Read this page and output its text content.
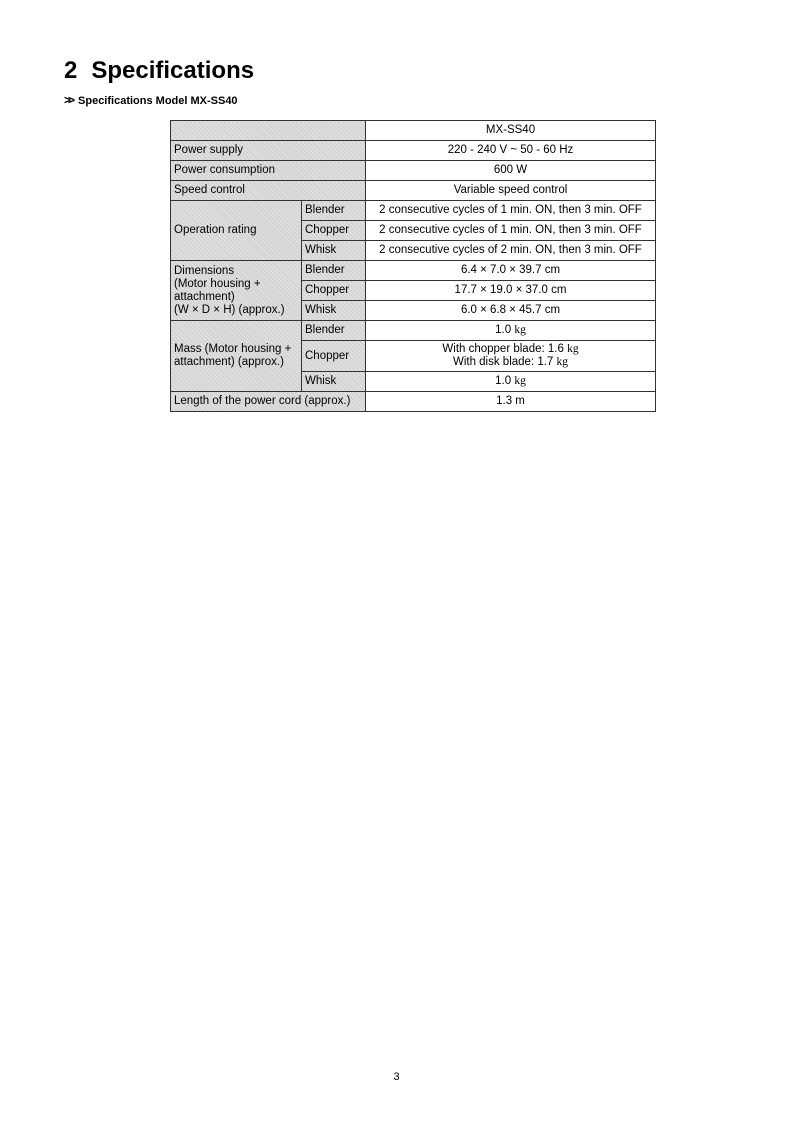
2 Specifications
>> Specifications Model MX-SS40
		MX-SS40
Power supply		220 - 240 V ~ 50 - 60 Hz
Power consumption		600 W
Speed control		Variable speed control
Operation rating	Blender	2 consecutive cycles of 1 min. ON, then 3 min. OFF
	Chopper	2 consecutive cycles of 1 min. ON, then 3 min. OFF
	Whisk	2 consecutive cycles of 2 min. ON, then 3 min. OFF

Dimensions
(Motor housing +
attachment)
(W × D × H) (approx.)	Blender	6.4 × 7.0 × 39.7 cm
	Chopper	17.7 × 19.0 × 37.0 cm
	Whisk	6.0 × 6.8 × 45.7 cm

Mass (Motor housing +
attachment) (approx.)	Blender	1.0 kg
	Chopper	With chopper blade: 1.6 kg
With disk blade: 1.7 kg

	Whisk	1.0 kg
Length of the power cord (approx.)		1.3 m
3
